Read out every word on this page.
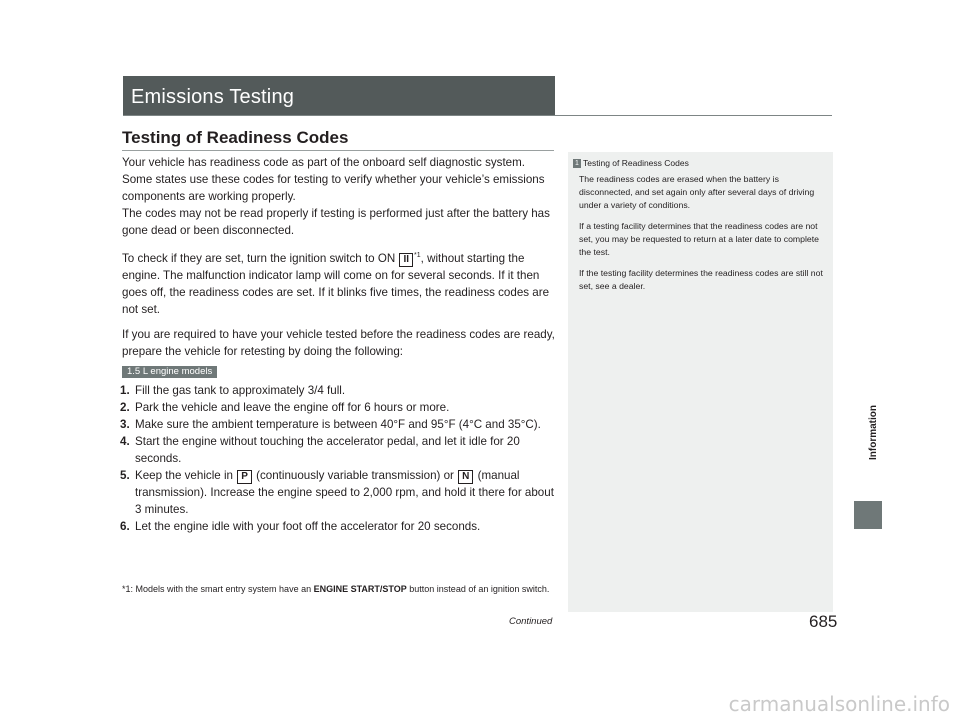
Emissions Testing
Testing of Readiness Codes

Your vehicle has readiness code as part of the onboard self diagnostic system. Some states use these codes for testing to verify whether your vehicle’s emissions components are working properly.
The codes may not be read properly if testing is performed just after the battery has gone dead or been disconnected.

To check if they are set, turn the ignition switch to ON II $^{*1}$, without starting the engine. The malfunction indicator lamp will come on for several seconds. If it then goes off, the readiness codes are set. If it blinks five times, the readiness codes are not set.

If you are required to have your vehicle tested before the readiness codes are ready, prepare the vehicle for retesting by doing the following:

1.5 L engine models
1. Fill the gas tank to approximately 3/4 full.
2. Park the vehicle and leave the engine off for 6 hours or more.
3. Make sure the ambient temperature is between 40°F and 95°F (4°C and 35°C).
4. Start the engine without touching the accelerator pedal, and let it idle for 20 seconds.
5. Keep the vehicle in P (continuously variable transmission) or N (manual transmission). Increase the engine speed to 2,000 rpm, and hold it there for about 3 minutes.
6. Let the engine idle with your foot off the accelerator for 20 seconds.
*1: Models with the smart entry system have an ENGINE START/STOP button instead of an ignition switch.
Continued	685
1 Testing of Readiness Codes

The readiness codes are erased when the battery is disconnected, and set again only after several days of driving under a variety of conditions.

If a testing facility determines that the readiness codes are not set, you may be requested to return at a later date to complete the test.

If the testing facility determines the readiness codes are still not set, see a dealer.

Information
carmanualsonline.info
